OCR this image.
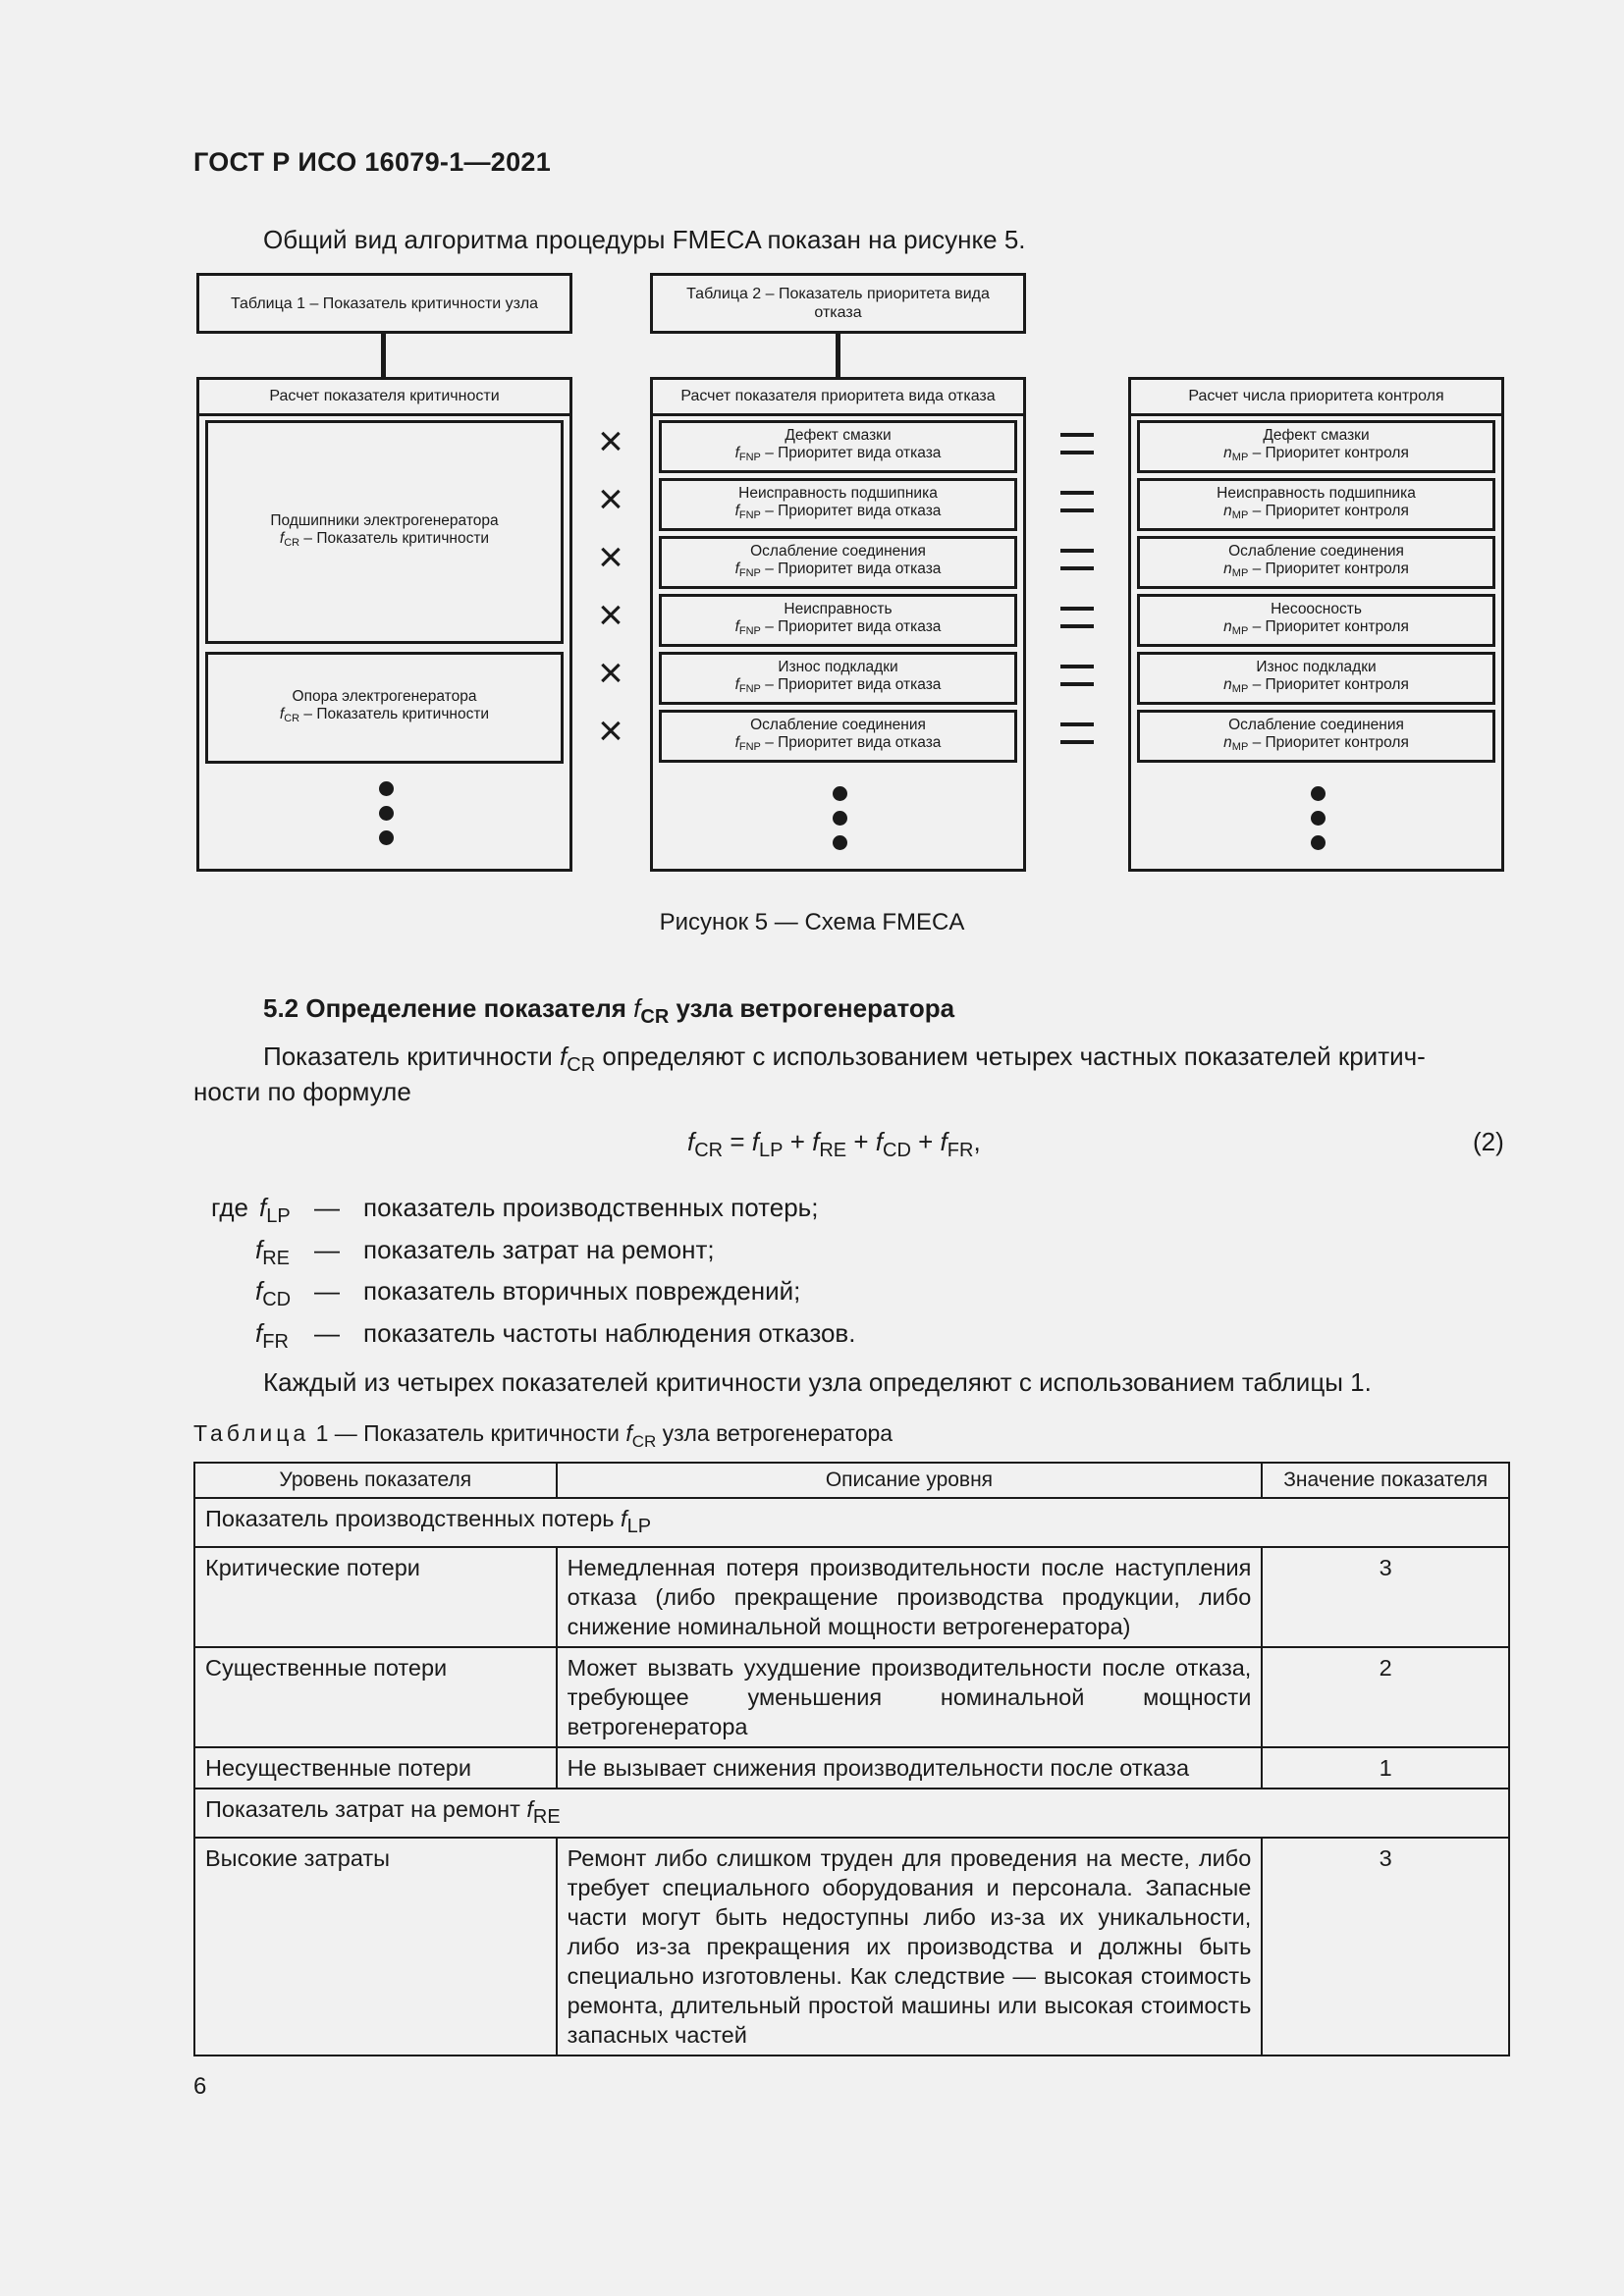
ГОСТ Р ИСО 16079-1—2021
Общий вид алгоритма процедуры FMECA показан на рисунке 5.
Таблица 1 – Показатель критичности узла
Таблица 2 – Показатель приоритета вида отказа
Расчет показателя критичности
Подшипники электрогенератора
$f_{CR}$ – Показатель критичности
Опора электрогенератора
$f_{CR}$ – Показатель критичности
Расчет показателя приоритета вида отказа
Дефект смазки
$f_{FNP}$ – Приоритет вида отказа
Неисправность подшипника
$f_{FNP}$ – Приоритет вида отказа
Ослабление соединения
$f_{FNP}$ – Приоритет вида отказа
Неисправность
$f_{FNP}$ – Приоритет вида отказа
Износ подкладки
$f_{FNP}$ – Приоритет вида отказа
Ослабление соединения
$f_{FNP}$ – Приоритет вида отказа
Расчет числа приоритета контроля
Дефект смазки
$n_{MP}$ – Приоритет контроля
Неисправность подшипника
$n_{MP}$ – Приоритет контроля
Ослабление соединения
$n_{MP}$ – Приоритет контроля
Несоосность
$n_{MP}$ – Приоритет контроля
Износ подкладки
$n_{MP}$ – Приоритет контроля
Ослабление соединения
$n_{MP}$ – Приоритет контроля
×
×
×
×
×
×
Рисунок 5 — Схема FMECA
5.2 Определение показателя $f_{CR}$ узла ветрогенератора
Показатель критичности $f_{CR}$ определяют с использованием четырех частных показателей критич-
ности по формуле
$f_{CR} = f_{LP} + f_{RE} + f_{CD} + f_{FR}$,	(2)
где $f_{LP}$ — показатель производственных потерь;
$f_{RE}$ — показатель затрат на ремонт;
$f_{CD}$ — показатель вторичных повреждений;
$f_{FR}$ — показатель частоты наблюдения отказов.
Каждый из четырех показателей критичности узла определяют с использованием таблицы 1.
Таблица 1 — Показатель критичности $f_{CR}$ узла ветрогенератора
Уровень показателя	Описание уровня	Значение показателя
Показатель производственных потерь fLP		
Критические потери	Немедленная потеря производительности после наступления отказа (либо прекращение производства продукции, либо снижение номинальной мощности ветрогенератора)	3
Существенные потери	Может вызвать ухудшение производительности после отказа, требующее уменьшения номинальной мощности ветрогенератора	2
Несущественные потери	Не вызывает снижения производительности после отказа	1
Показатель затрат на ремонт fRE		
Высокие затраты	Ремонт либо слишком труден для проведения на месте, либо требует специального оборудования и персонала. Запасные части могут быть недоступны либо из-за их уникальности, либо из-за прекращения их производства и должны быть специально изготовлены. Как следствие — высокая стоимость ремонта, длительный простой машины или высокая стоимость запасных частей	3
6
